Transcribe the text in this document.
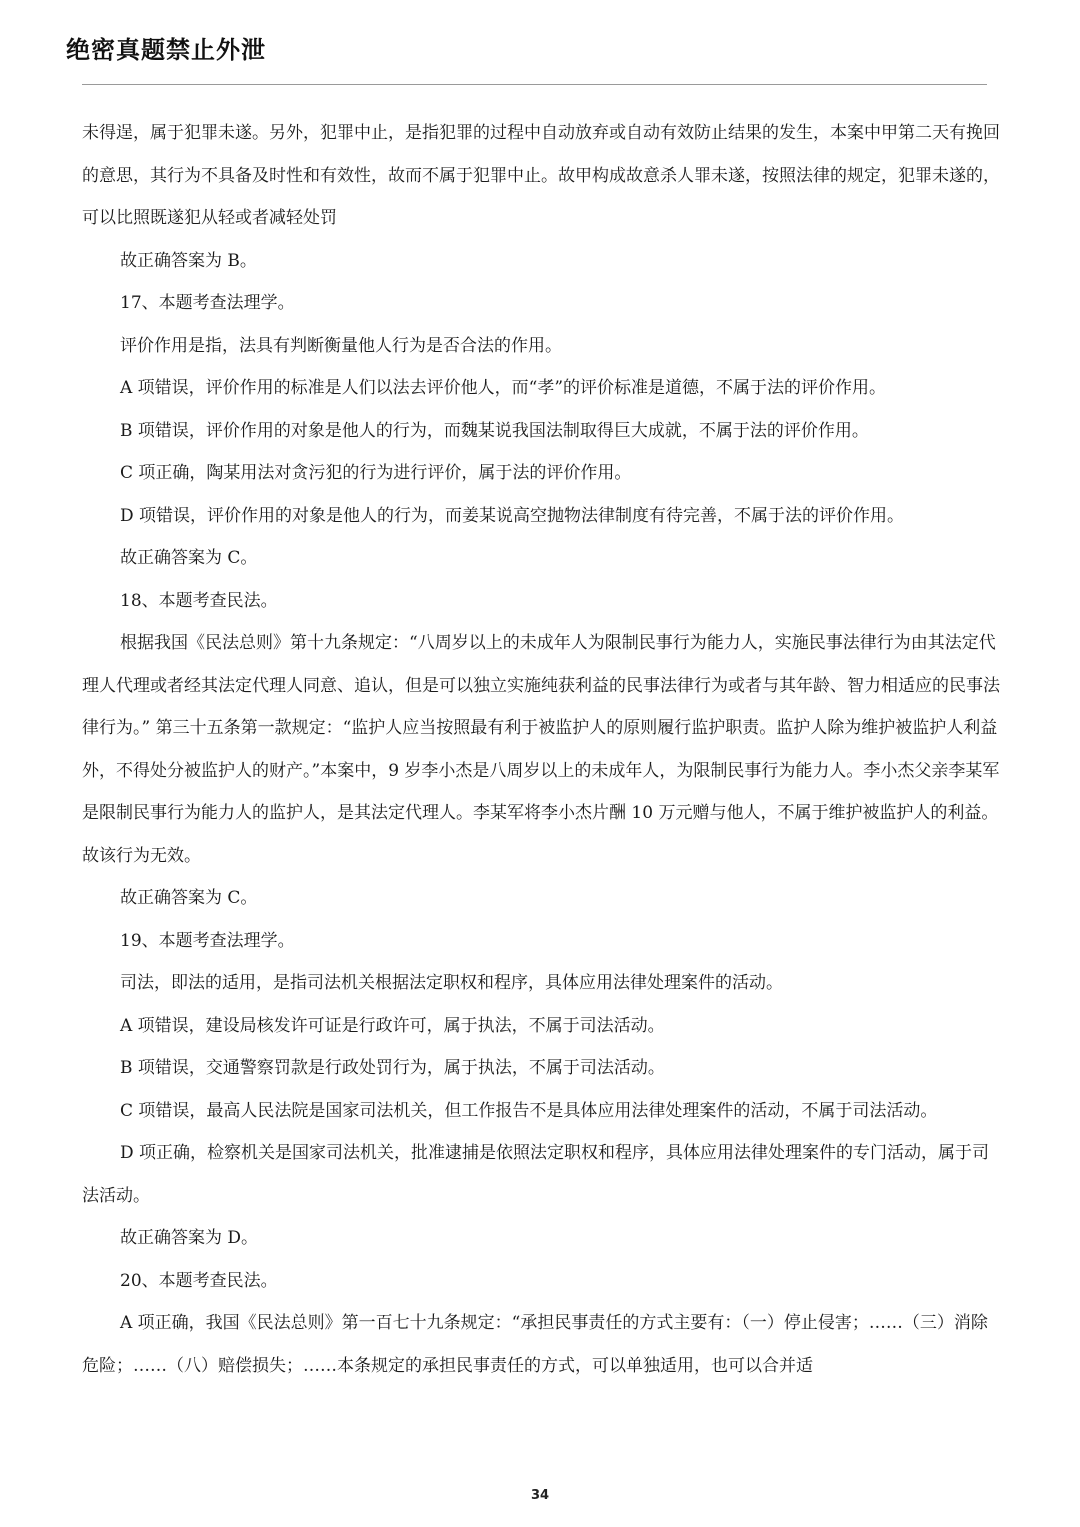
绝密真题禁止外泄

未得逞，属于犯罪未遂。另外，犯罪中止，是指犯罪的过程中自动放弃或自动有效防止结果的发生，本案中甲第二天有挽回的意思，其行为不具备及时性和有效性，故而不属于犯罪中止。故甲构成故意杀人罪未遂，按照法律的规定，犯罪未遂的，可以比照既遂犯从轻或者减轻处罚

故正确答案为 B。

17、本题考查法理学。

评价作用是指，法具有判断衡量他人行为是否合法的作用。

A 项错误，评价作用的标准是人们以法去评价他人，而“孝”的评价标准是道德，不属于法的评价作用。

B 项错误，评价作用的对象是他人的行为，而魏某说我国法制取得巨大成就，不属于法的评价作用。

C 项正确，陶某用法对贪污犯的行为进行评价，属于法的评价作用。

D 项错误，评价作用的对象是他人的行为，而姜某说高空抛物法律制度有待完善，不属于法的评价作用。

故正确答案为 C。

18、本题考查民法。

根据我国《民法总则》第十九条规定：“八周岁以上的未成年人为限制民事行为能力人，实施民事法律行为由其法定代理人代理或者经其法定代理人同意、追认，但是可以独立实施纯获利益的民事法律行为或者与其年龄、智力相适应的民事法律行为。” 第三十五条第一款规定：“监护人应当按照最有利于被监护人的原则履行监护职责。监护人除为维护被监护人利益外，不得处分被监护人的财产。”本案中，9 岁李小杰是八周岁以上的未成年人，为限制民事行为能力人。李小杰父亲李某军是限制民事行为能力人的监护人，是其法定代理人。李某军将李小杰片酬 10 万元赠与他人，不属于维护被监护人的利益。故该行为无效。

故正确答案为 C。

19、本题考查法理学。

司法，即法的适用，是指司法机关根据法定职权和程序，具体应用法律处理案件的活动。

A 项错误，建设局核发许可证是行政许可，属于执法，不属于司法活动。

B 项错误，交通警察罚款是行政处罚行为，属于执法，不属于司法活动。

C 项错误，最高人民法院是国家司法机关，但工作报告不是具体应用法律处理案件的活动，不属于司法活动。

D 项正确，检察机关是国家司法机关，批准逮捕是依照法定职权和程序，具体应用法律处理案件的专门活动，属于司法活动。

故正确答案为 D。

20、本题考查民法。

A 项正确，我国《民法总则》第一百七十九条规定：“承担民事责任的方式主要有：（一）停止侵害；……（三）消除危险；……（八）赔偿损失；……本条规定的承担民事责任的方式，可以单独适用，也可以合并适

34
